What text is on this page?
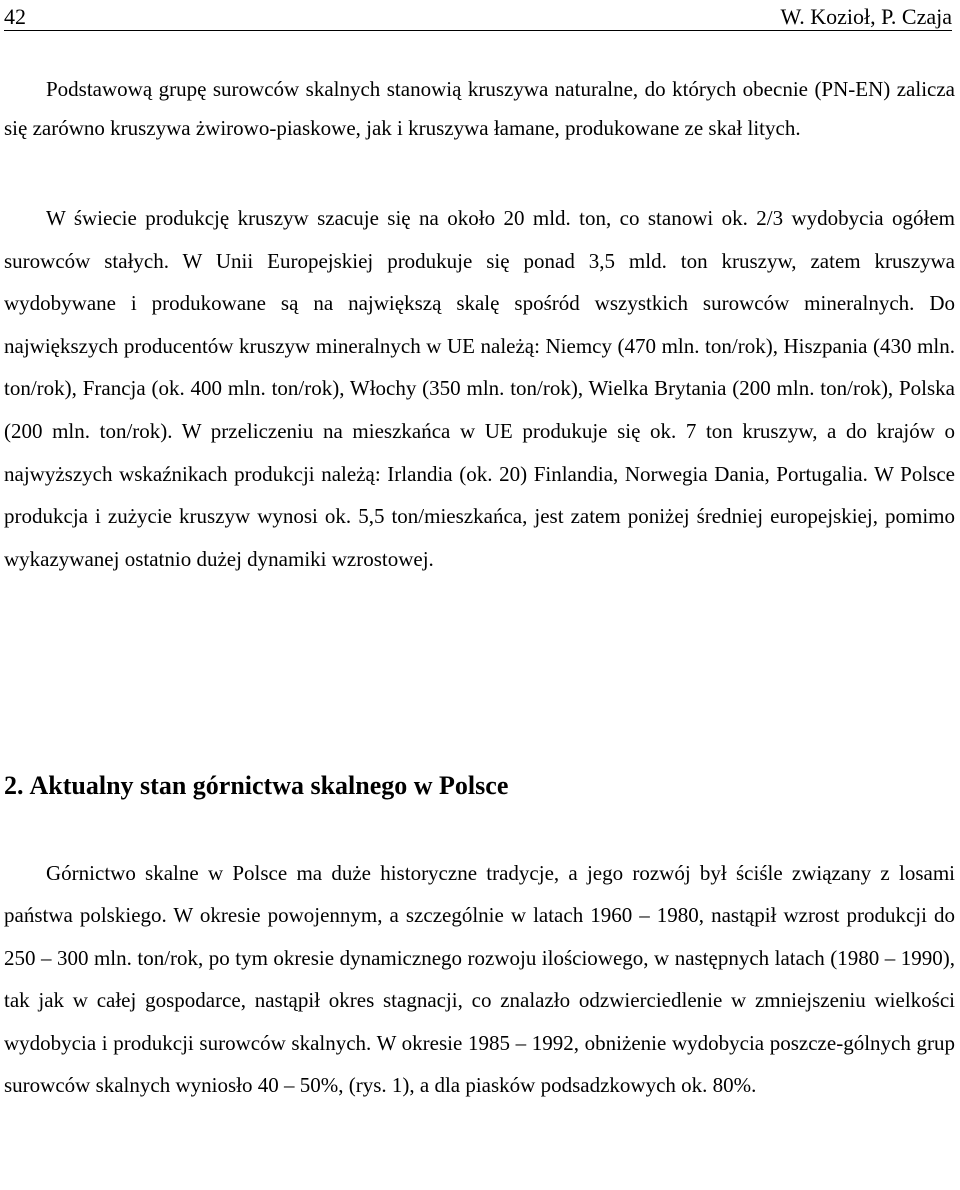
42	W. Kozioł, P. Czaja

Podstawową grupę surowców skalnych stanowią kruszywa naturalne, do których obecnie (PN-EN) zalicza się zarówno kruszywa żwirowo-piaskowe, jak i kruszywa łamane, produkowane ze skał litych.

W świecie produkcję kruszyw szacuje się na około 20 mld. ton, co stanowi ok. 2/3 wydobycia ogółem surowców stałych. W Unii Europejskiej produkuje się ponad 3,5 mld. ton kruszyw, zatem kruszywa wydobywane i produkowane są na największą skalę spośród wszystkich surowców mineralnych. Do największych producentów kruszyw mineralnych w UE należą: Niemcy (470 mln. ton/rok), Hiszpania (430 mln. ton/rok), Francja (ok. 400 mln. ton/rok), Włochy (350 mln. ton/rok), Wielka Brytania (200 mln. ton/rok), Polska (200 mln. ton/rok). W przeliczeniu na mieszkańca w UE produkuje się ok. 7 ton kruszyw, a do krajów o najwyższych wskaźnikach produkcji należą: Irlandia (ok. 20) Finlandia, Norwegia Dania, Portugalia. W Polsce produkcja i zużycie kruszyw wynosi ok. 5,5 ton/mieszkańca, jest zatem poniżej średniej europejskiej, pomimo wykazywanej ostatnio dużej dynamiki wzrostowej.

2. Aktualny stan górnictwa skalnego w Polsce

Górnictwo skalne w Polsce ma duże historyczne tradycje, a jego rozwój był ściśle związany z losami państwa polskiego. W okresie powojennym, a szczególnie w latach 1960 – 1980, nastąpił wzrost produkcji do 250 – 300 mln. ton/rok, po tym okresie dynamicznego rozwoju ilościowego, w następnych latach (1980 – 1990), tak jak w całej gospodarce, nastąpił okres stagnacji, co znalazło odzwierciedlenie w zmniejszeniu wielkości wydobycia i produkcji surowców skalnych. W okresie 1985 – 1992, obniżenie wydobycia poszcze-gólnych grup surowców skalnych wyniosło 40 – 50%, (rys. 1), a dla piasków podsadzkowych ok. 80%.
